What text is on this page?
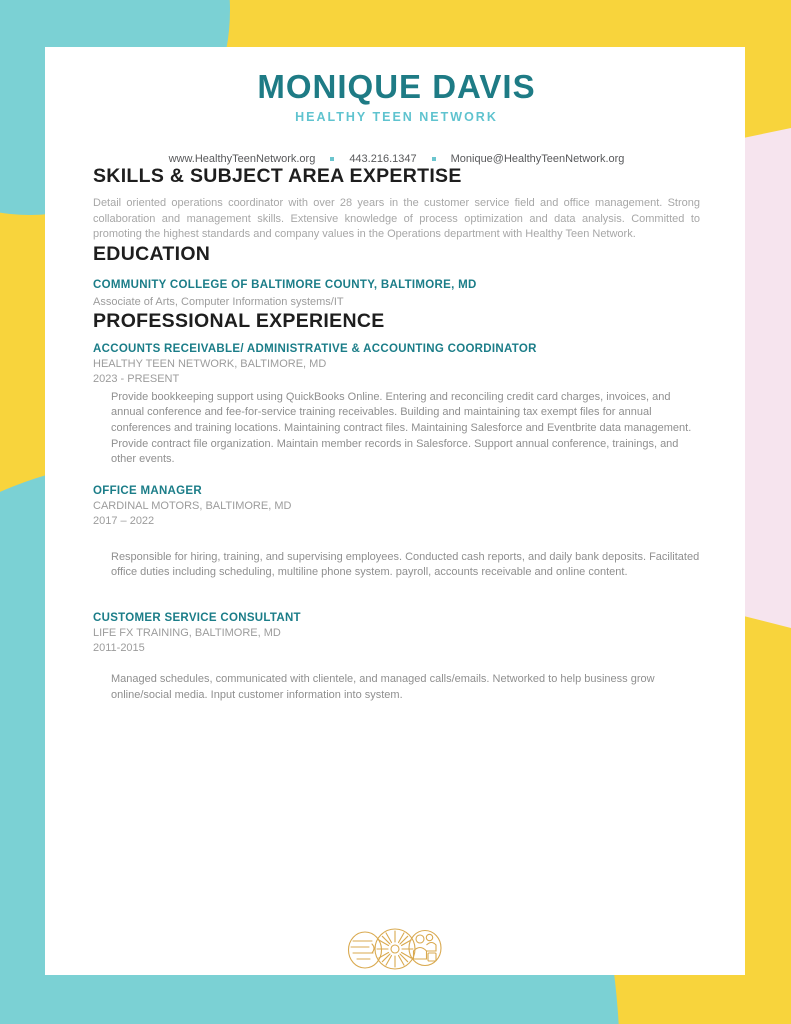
MONIQUE DAVIS
HEALTHY TEEN NETWORK
www.HealthyTeenNetwork.org	443.216.1347	Monique@HealthyTeenNetwork.org
SKILLS & SUBJECT AREA EXPERTISE

Detail oriented operations coordinator with over 28 years in the customer service field and office management. Strong collaboration and management skills. Extensive knowledge of process optimization and data analysis. Committed to promoting the highest standards and company values in the Operations department with Healthy Teen Network.

EDUCATION
COMMUNITY COLLEGE OF BALTIMORE COUNTY, BALTIMORE, MD

Associate of Arts, Computer Information systems/IT

PROFESSIONAL EXPERIENCE
ACCOUNTS RECEIVABLE/ ADMINISTRATIVE & ACCOUNTING COORDINATOR

HEALTHY TEEN NETWORK, BALTIMORE, MD

2023 - PRESENT

Provide bookkeeping support using QuickBooks Online. Entering and reconciling credit card charges, invoices, and annual conference and fee-for-service training receivables. Building and maintaining tax exempt files for annual conferences and training locations. Maintaining contract files. Maintaining Salesforce and Eventbrite data management. Provide contract file organization. Maintain member records in Salesforce. Support annual conference, trainings, and other events.

OFFICE MANAGER

CARDINAL MOTORS, BALTIMORE, MD

2017 – 2022

Responsible for hiring, training, and supervising employees. Conducted cash reports, and daily bank deposits. Facilitated office duties including scheduling, multiline phone system. payroll, accounts receivable and online content.

CUSTOMER SERVICE CONSULTANT

LIFE FX TRAINING, BALTIMORE, MD

2011-2015

Managed schedules, communicated with clientele, and managed calls/emails. Networked to help business grow online/social media. Input customer information into system.
